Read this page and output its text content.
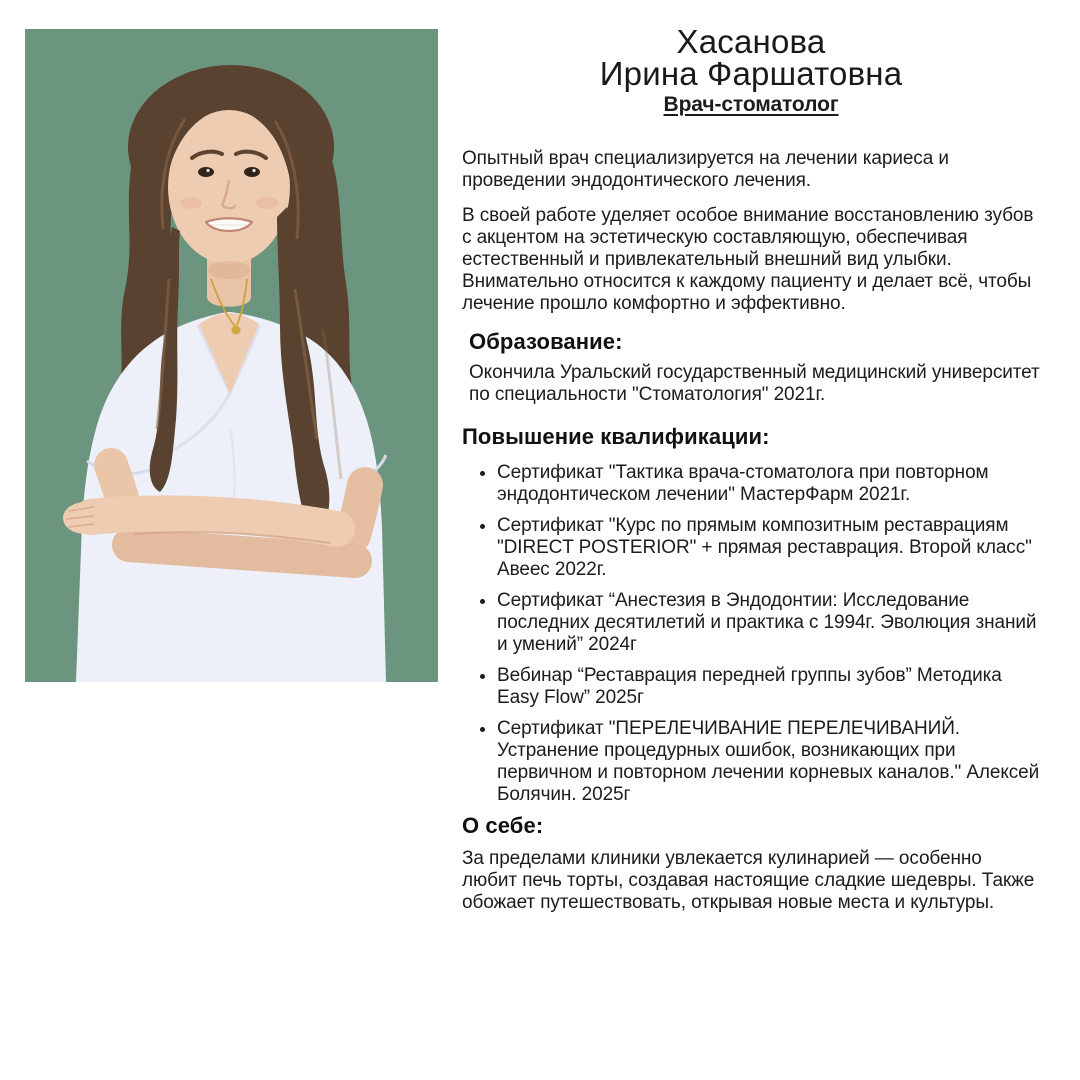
Хасанова
Ирина Фаршатовна
Врач-стоматолог

Опытный врач специализируется на лечении кариеса и проведении эндодонтического лечения.

В своей работе уделяет особое внимание восстановлению зубов с акцентом на эстетическую составляющую, обеспечивая естественный и привлекательный внешний вид улыбки. Внимательно относится к каждому пациенту и делает всё, чтобы лечение прошло комфортно и эффективно.

Образование:

Окончила Уральский государственный медицинский университет по специальности "Стоматология" 2021г.

Повышение квалификации:
• Сертификат "Тактика врача-стоматолога при повторном эндодонтическом лечении" МастерФарм 2021г.
• Сертификат "Курс по прямым композитным реставрациям "DIRECT POSTERIOR" + прямая реставрация. Второй класс" Авеес 2022г.
• Сертификат “Анестезия в Эндодонтии: Исследование последних десятилетий и практика с 1994г. Эволюция знаний и умений” 2024г
• Вебинар “Реставрация передней группы зубов” Методика Easy Flow” 2025г
• Сертификат "ПЕРЕЛЕЧИВАНИЕ ПЕРЕЛЕЧИВАНИЙ. Устранение процедурных ошибок, возникающих при первичном и повторном лечении корневых каналов." Алексей Болячин. 2025г
О себе:

За пределами клиники увлекается кулинарией — особенно любит печь торты, создавая настоящие сладкие шедевры. Также обожает путешествовать, открывая новые места и культуры.
